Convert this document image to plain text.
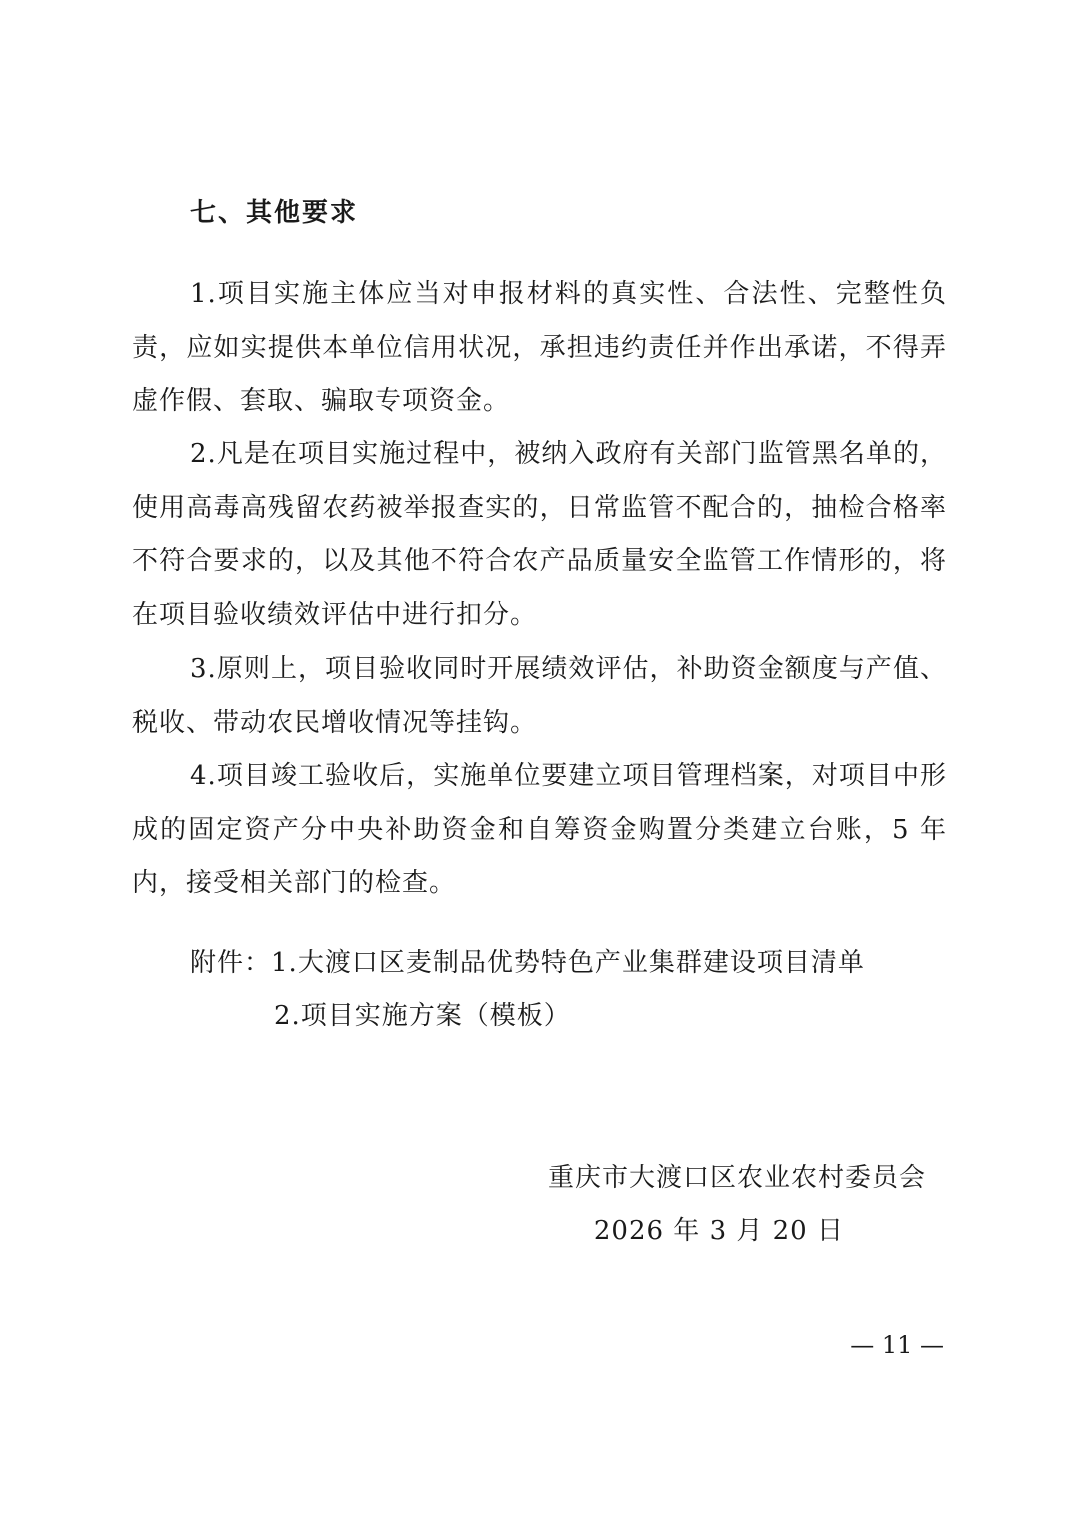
七、其他要求

1.项目实施主体应当对申报材料的真实性、合法性、完整性负责，应如实提供本单位信用状况，承担违约责任并作出承诺，不得弄虚作假、套取、骗取专项资金。

2.凡是在项目实施过程中，被纳入政府有关部门监管黑名单的，使用高毒高残留农药被举报查实的，日常监管不配合的，抽检合格率不符合要求的，以及其他不符合农产品质量安全监管工作情形的，将在项目验收绩效评估中进行扣分。

3.原则上，项目验收同时开展绩效评估，补助资金额度与产值、税收、带动农民增收情况等挂钩。

4.项目竣工验收后，实施单位要建立项目管理档案，对项目中形成的固定资产分中央补助资金和自筹资金购置分类建立台账，5 年内，接受相关部门的检查。

附件：1.大渡口区麦制品优势特色产业集群建设项目清单
2.项目实施方案（模板）
重庆市大渡口区农业农村委员会
2026 年 3 月 20 日
— 11 —
